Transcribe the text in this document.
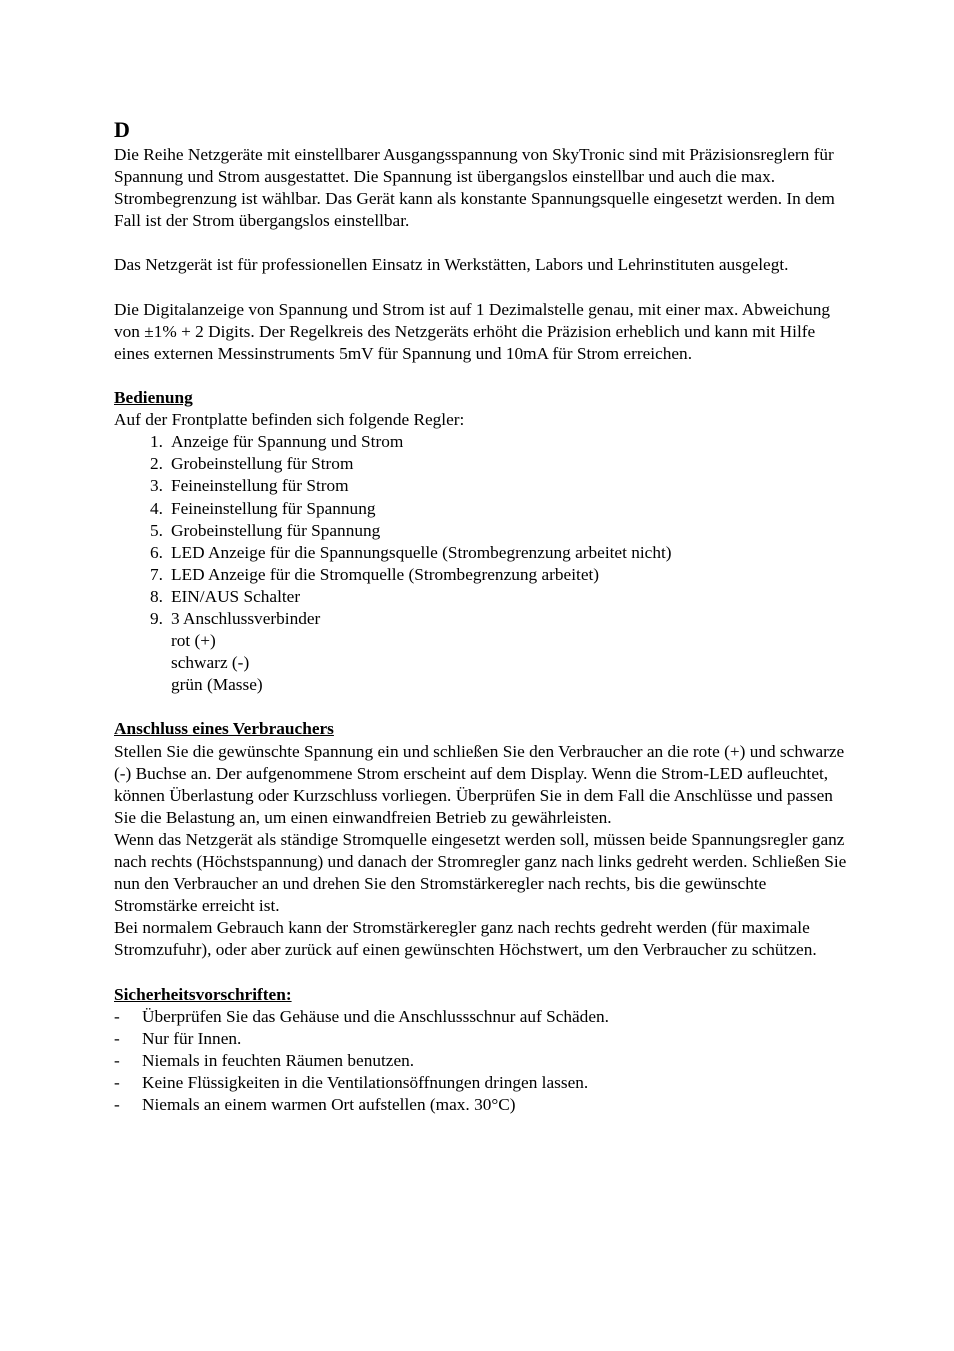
D

Die Reihe Netzgeräte mit einstellbarer Ausgangsspannung von SkyTronic sind mit Präzisionsreglern für Spannung und Strom ausgestattet. Die Spannung ist übergangslos einstellbar und auch die max. Strombegrenzung ist wählbar. Das Gerät kann als konstante Spannungsquelle eingesetzt werden. In dem Fall ist der Strom übergangslos einstellbar.

Das Netzgerät ist für professionellen Einsatz in Werkstätten, Labors und Lehrinstituten ausgelegt.

Die Digitalanzeige von Spannung und Strom ist auf 1 Dezimalstelle genau, mit einer max. Abweichung von ±1% + 2 Digits. Der Regelkreis des Netzgeräts erhöht die Präzision erheblich und kann mit Hilfe eines externen Messinstruments 5mV für Spannung und 10mA für Strom erreichen.

Bedienung

Auf der Frontplatte befinden sich folgende Regler:

1. Anzeige für Spannung und Strom
2. Grobeinstellung für Strom
3. Feineinstellung für Strom
4. Feineinstellung für Spannung
5. Grobeinstellung für Spannung
6. LED Anzeige für die Spannungsquelle (Strombegrenzung arbeitet nicht)
7. LED Anzeige für die Stromquelle (Strombegrenzung arbeitet)
8. EIN/AUS Schalter
9. 3 Anschlussverbinder
rot (+)
schwarz (-)
grün (Masse)
Anschluss eines Verbrauchers

Stellen Sie die gewünschte Spannung ein und schließen Sie den Verbraucher an die rote (+) und schwarze (-) Buchse an. Der aufgenommene Strom erscheint auf dem Display. Wenn die Strom-LED aufleuchtet, können Überlastung oder Kurzschluss vorliegen. Überprüfen Sie in dem Fall die Anschlüsse und passen Sie die Belastung an, um einen einwandfreien Betrieb zu gewährleisten.

Wenn das Netzgerät als ständige Stromquelle eingesetzt werden soll, müssen beide Spannungsregler ganz nach rechts (Höchstspannung) und danach der Stromregler ganz nach links gedreht werden. Schließen Sie nun den Verbraucher an und drehen Sie den Stromstärkeregler nach rechts, bis die gewünschte Stromstärke erreicht ist.

Bei normalem Gebrauch kann der Stromstärkeregler ganz nach rechts gedreht werden (für maximale Stromzufuhr), oder aber zurück auf einen gewünschten Höchstwert, um den Verbraucher zu schützen.

Sicherheitsvorschriften:
-	Überprüfen Sie das Gehäuse und die Anschlussschnur auf Schäden.
-	Nur für Innen.
-	Niemals in feuchten Räumen benutzen.
-	Keine Flüssigkeiten in die Ventilationsöffnungen dringen lassen.
-	Niemals an einem warmen Ort aufstellen (max. 30°C)
